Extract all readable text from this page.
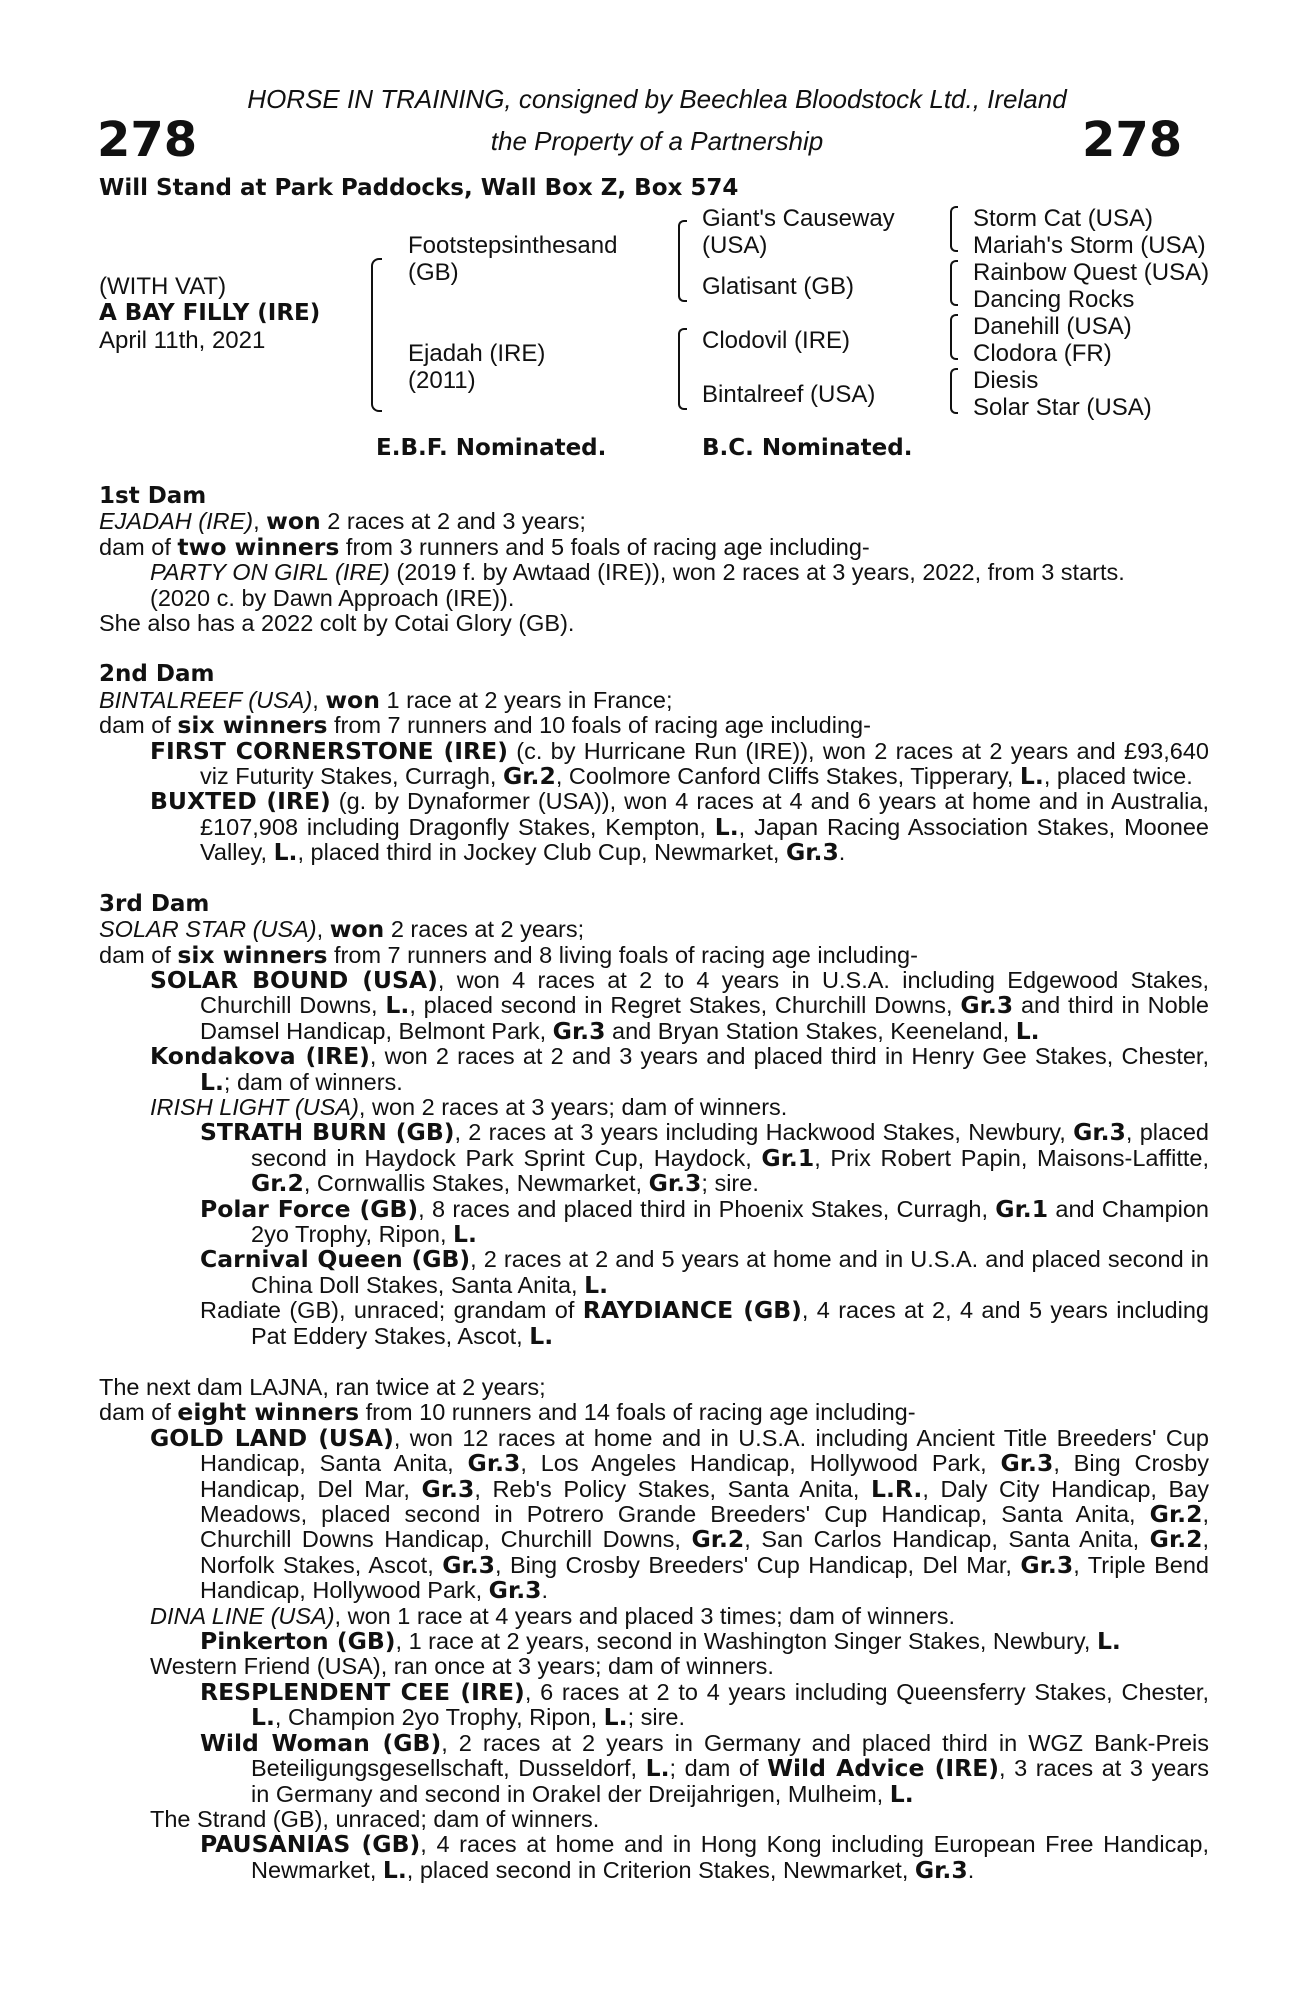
HORSE IN TRAINING, consigned by Beechlea Bloodstock Ltd., Ireland
the Property of a Partnership
278	278
Will Stand at Park Paddocks, Wall Box Z, Box 574
(WITH VAT)
A BAY FILLY (IRE)
April 11th, 2021
Footstepsinthesand
(GB)
Ejadah (IRE)
(2011)
Giant's Causeway
(USA)
Glatisant (GB)
Clodovil (IRE)
Bintalreef (USA)
Storm Cat (USA)
Mariah's Storm (USA)
Rainbow Quest (USA)
Dancing Rocks
Danehill (USA)
Clodora (FR)
Diesis
Solar Star (USA)
E.B.F. Nominated.	B.C. Nominated.

1st Dam

EJADAH (IRE), won 2 races at 2 and 3 years;

dam of two winners from 3 runners and 5 foals of racing age including-

PARTY ON GIRL (IRE) (2019 f. by Awtaad (IRE)), won 2 races at 3 years, 2022, from 3 starts.

(2020 c. by Dawn Approach (IRE)).

She also has a 2022 colt by Cotai Glory (GB).

2nd Dam

BINTALREEF (USA), won 1 race at 2 years in France;

dam of six winners from 7 runners and 10 foals of racing age including-

FIRST CORNERSTONE (IRE) (c. by Hurricane Run (IRE)), won 2 races at 2 years and £93,640 viz Futurity Stakes, Curragh, Gr.2, Coolmore Canford Cliffs Stakes, Tipperary, L., placed twice.

BUXTED (IRE) (g. by Dynaformer (USA)), won 4 races at 4 and 6 years at home and in Australia, £107,908 including Dragonfly Stakes, Kempton, L., Japan Racing Association Stakes, Moonee Valley, L., placed third in Jockey Club Cup, Newmarket, Gr.3.

3rd Dam

SOLAR STAR (USA), won 2 races at 2 years;

dam of six winners from 7 runners and 8 living foals of racing age including-

SOLAR BOUND (USA), won 4 races at 2 to 4 years in U.S.A. including Edgewood Stakes, Churchill Downs, L., placed second in Regret Stakes, Churchill Downs, Gr.3 and third in Noble Damsel Handicap, Belmont Park, Gr.3 and Bryan Station Stakes, Keeneland, L.

Kondakova (IRE), won 2 races at 2 and 3 years and placed third in Henry Gee Stakes, Chester, L.; dam of winners.

IRISH LIGHT (USA), won 2 races at 3 years; dam of winners.

STRATH BURN (GB), 2 races at 3 years including Hackwood Stakes, Newbury, Gr.3, placed second in Haydock Park Sprint Cup, Haydock, Gr.1, Prix Robert Papin, Maisons-Laffitte, Gr.2, Cornwallis Stakes, Newmarket, Gr.3; sire.

Polar Force (GB), 8 races and placed third in Phoenix Stakes, Curragh, Gr.1 and Champion 2yo Trophy, Ripon, L.

Carnival Queen (GB), 2 races at 2 and 5 years at home and in U.S.A. and placed second in China Doll Stakes, Santa Anita, L.

Radiate (GB), unraced; grandam of RAYDIANCE (GB), 4 races at 2, 4 and 5 years including Pat Eddery Stakes, Ascot, L.

The next dam LAJNA, ran twice at 2 years;

dam of eight winners from 10 runners and 14 foals of racing age including-

GOLD LAND (USA), won 12 races at home and in U.S.A. including Ancient Title Breeders' Cup Handicap, Santa Anita, Gr.3, Los Angeles Handicap, Hollywood Park, Gr.3, Bing Crosby Handicap, Del Mar, Gr.3, Reb's Policy Stakes, Santa Anita, L.R., Daly City Handicap, Bay Meadows, placed second in Potrero Grande Breeders' Cup Handicap, Santa Anita, Gr.2, Churchill Downs Handicap, Churchill Downs, Gr.2, San Carlos Handicap, Santa Anita, Gr.2, Norfolk Stakes, Ascot, Gr.3, Bing Crosby Breeders' Cup Handicap, Del Mar, Gr.3, Triple Bend Handicap, Hollywood Park, Gr.3.

DINA LINE (USA), won 1 race at 4 years and placed 3 times; dam of winners.

Pinkerton (GB), 1 race at 2 years, second in Washington Singer Stakes, Newbury, L.

Western Friend (USA), ran once at 3 years; dam of winners.

RESPLENDENT CEE (IRE), 6 races at 2 to 4 years including Queensferry Stakes, Chester, L., Champion 2yo Trophy, Ripon, L.; sire.

Wild Woman (GB), 2 races at 2 years in Germany and placed third in WGZ Bank-Preis Beteiligungsgesellschaft, Dusseldorf, L.; dam of Wild Advice (IRE), 3 races at 3 years in Germany and second in Orakel der Dreijahrigen, Mulheim, L.

The Strand (GB), unraced; dam of winners.

PAUSANIAS (GB), 4 races at home and in Hong Kong including European Free Handicap, Newmarket, L., placed second in Criterion Stakes, Newmarket, Gr.3.
